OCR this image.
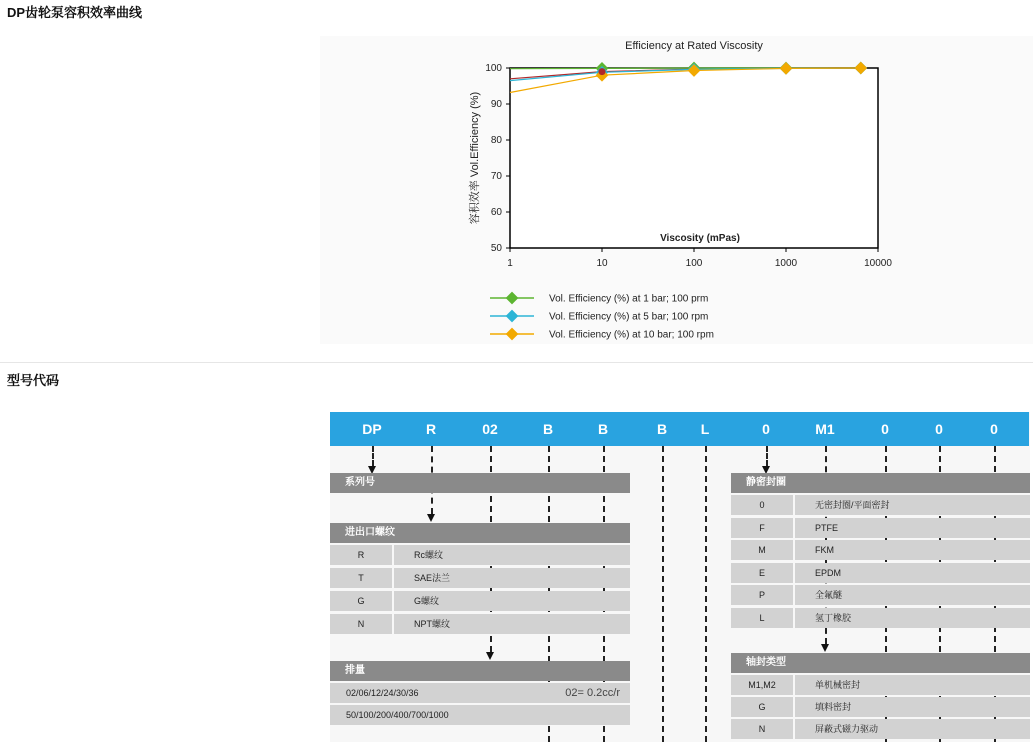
DP齿轮泵容积效率曲线
Efficiency at Rated Viscosity
50
60
70
80
90
100
1	10	100	1000	10000
Viscosity (mPas)
容积效率 Vol.Efficiency (%)
Vol. Efficiency (%) at 1 bar; 100 prm
Vol. Efficiency (%) at 5 bar; 100 rpm
Vol. Efficiency (%) at 10 bar; 100 rpm
型号代码
DP	R	02	B	B	B	L	0	M1	0	0	0
系列号
进出口螺纹
排量
静密封圈
轴封类型
R	Rc螺纹
T	SAE法兰
G	G螺纹
N	NPT螺纹
0	无密封圈/平面密封
F	PTFE
M	FKM
E	EPDM
P	全氟醚
L	氢丁橡胶
M1,M2	单机械密封
G	填料密封
N	屏蔽式磁力驱动
02/06/12/24/30/36	02= 0.2cc/r
50/100/200/400/700/1000
